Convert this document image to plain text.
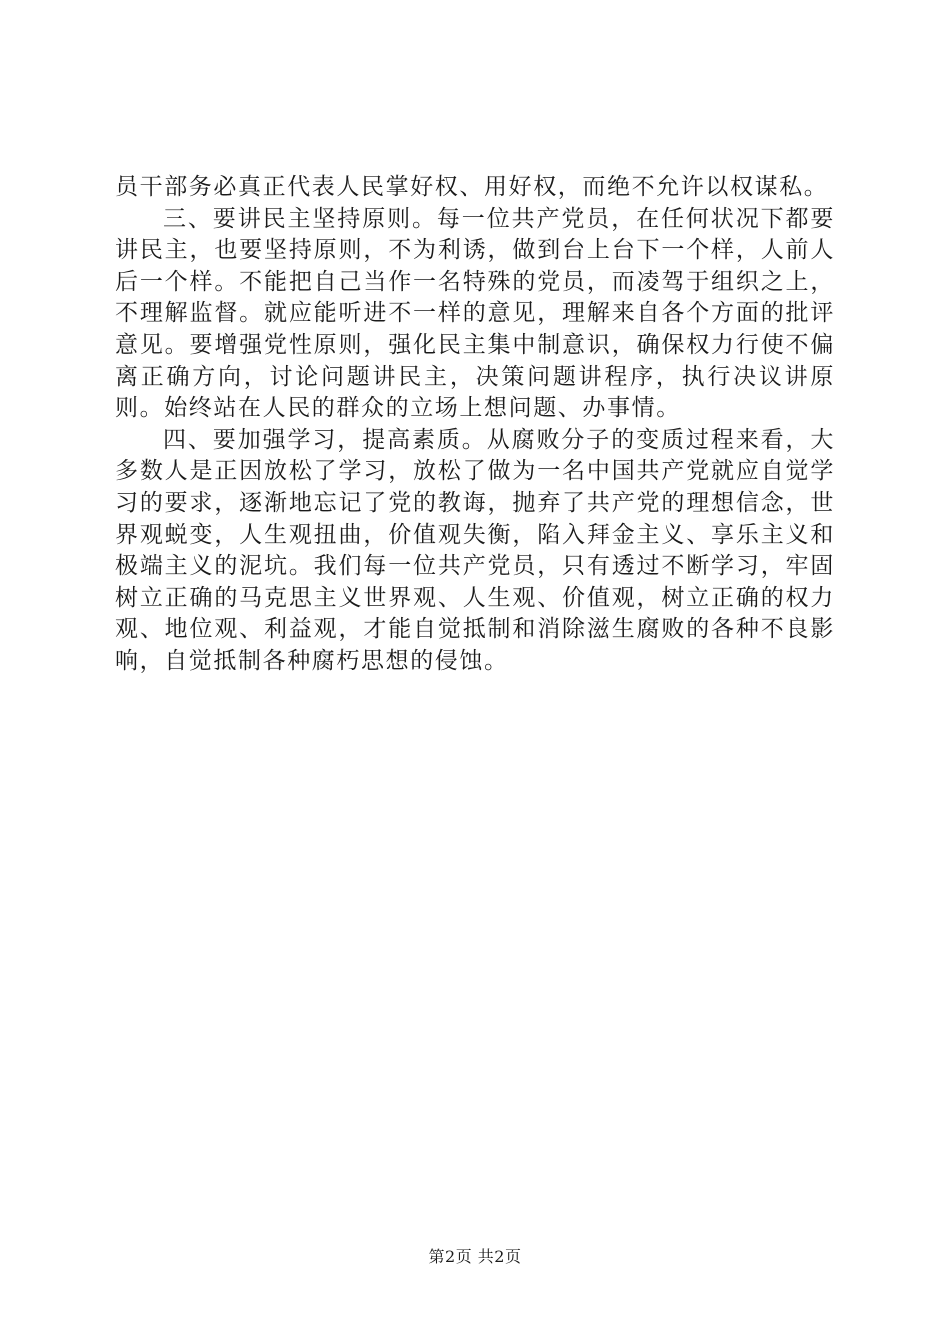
员干部务必真正代表人民掌好权、用好权，而绝不允许以权谋私。

三、要讲民主坚持原则。每一位共产党员，在任何状况下都要讲民主，也要坚持原则，不为利诱，做到台上台下一个样，人前人后一个样。不能把自己当作一名特殊的党员，而凌驾于组织之上，不理解监督。就应能听进不一样的意见，理解来自各个方面的批评意见。要增强党性原则，强化民主集中制意识，确保权力行使不偏离正确方向，讨论问题讲民主，决策问题讲程序，执行决议讲原则。始终站在人民的群众的立场上想问题、办事情。

四、要加强学习，提高素质。从腐败分子的变质过程来看，大多数人是正因放松了学习，放松了做为一名中国共产党就应自觉学习的要求，逐渐地忘记了党的教诲，抛弃了共产党的理想信念，世界观蜕变，人生观扭曲，价值观失衡，陷入拜金主义、享乐主义和极端主义的泥坑。我们每一位共产党员，只有透过不断学习，牢固树立正确的马克思主义世界观、人生观、价值观，树立正确的权力观、地位观、利益观，才能自觉抵制和消除滋生腐败的各种不良影响，自觉抵制各种腐朽思想的侵蚀。

第2页 共2页
